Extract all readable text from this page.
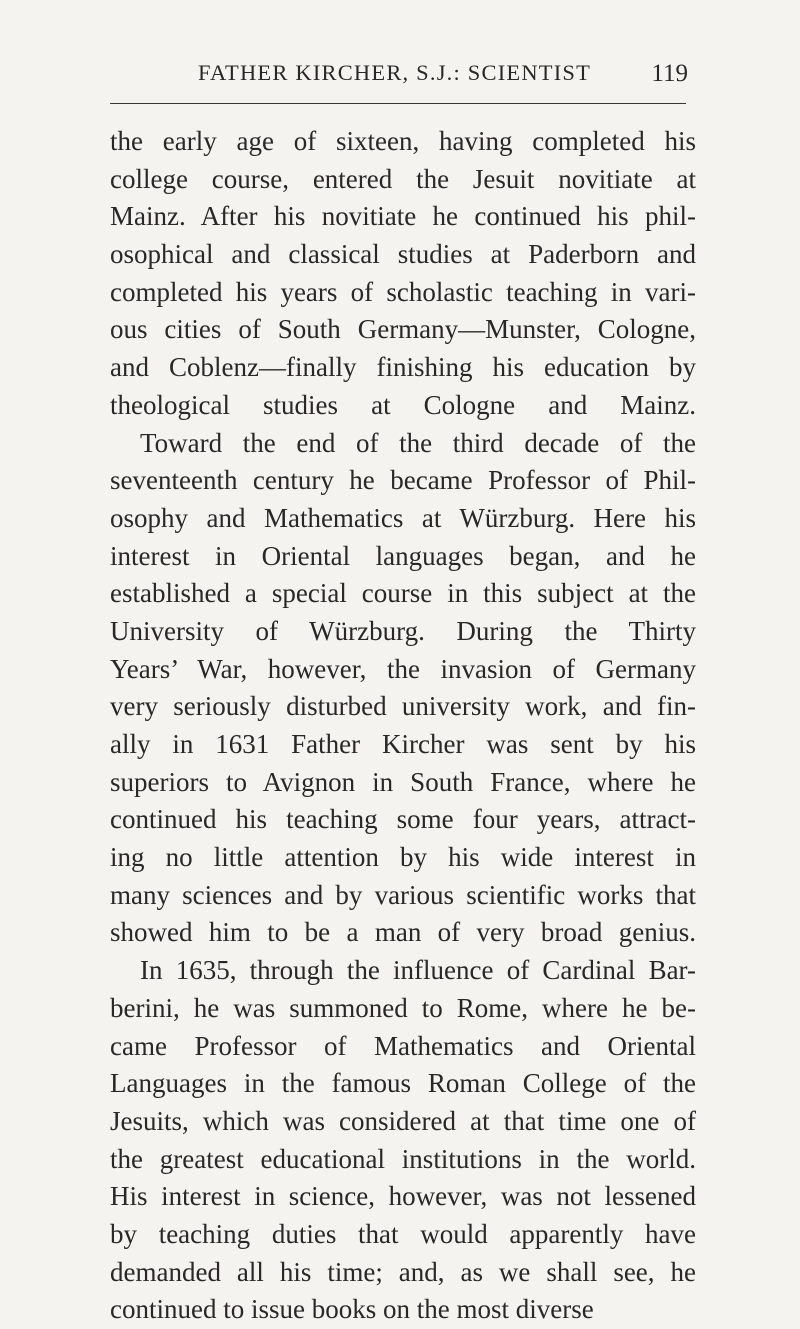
FATHER KIRCHER, S.J.: SCIENTIST 119
the early age of sixteen, having completed his
college course, entered the Jesuit novitiate at
Mainz. After his novitiate he continued his phil-
osophical and classical studies at Paderborn and
completed his years of scholastic teaching in vari-
ous cities of South Germany—Munster, Cologne,
and Coblenz—finally finishing his education by
theological studies at Cologne and Mainz.
Toward the end of the third decade of the
seventeenth century he became Professor of Phil-
osophy and Mathematics at Würzburg. Here his
interest in Oriental languages began, and he
established a special course in this subject at the
University of Würzburg. During the Thirty
Years’ War, however, the invasion of Germany
very seriously disturbed university work, and fin-
ally in 1631 Father Kircher was sent by his
superiors to Avignon in South France, where he
continued his teaching some four years, attract-
ing no little attention by his wide interest in
many sciences and by various scientific works that
showed him to be a man of very broad genius.
In 1635, through the influence of Cardinal Bar-
berini, he was summoned to Rome, where he be-
came Professor of Mathematics and Oriental
Languages in the famous Roman College of the
Jesuits, which was considered at that time one of
the greatest educational institutions in the world.
His interest in science, however, was not lessened
by teaching duties that would apparently have
demanded all his time; and, as we shall see, he
continued to issue books on the most diverse
